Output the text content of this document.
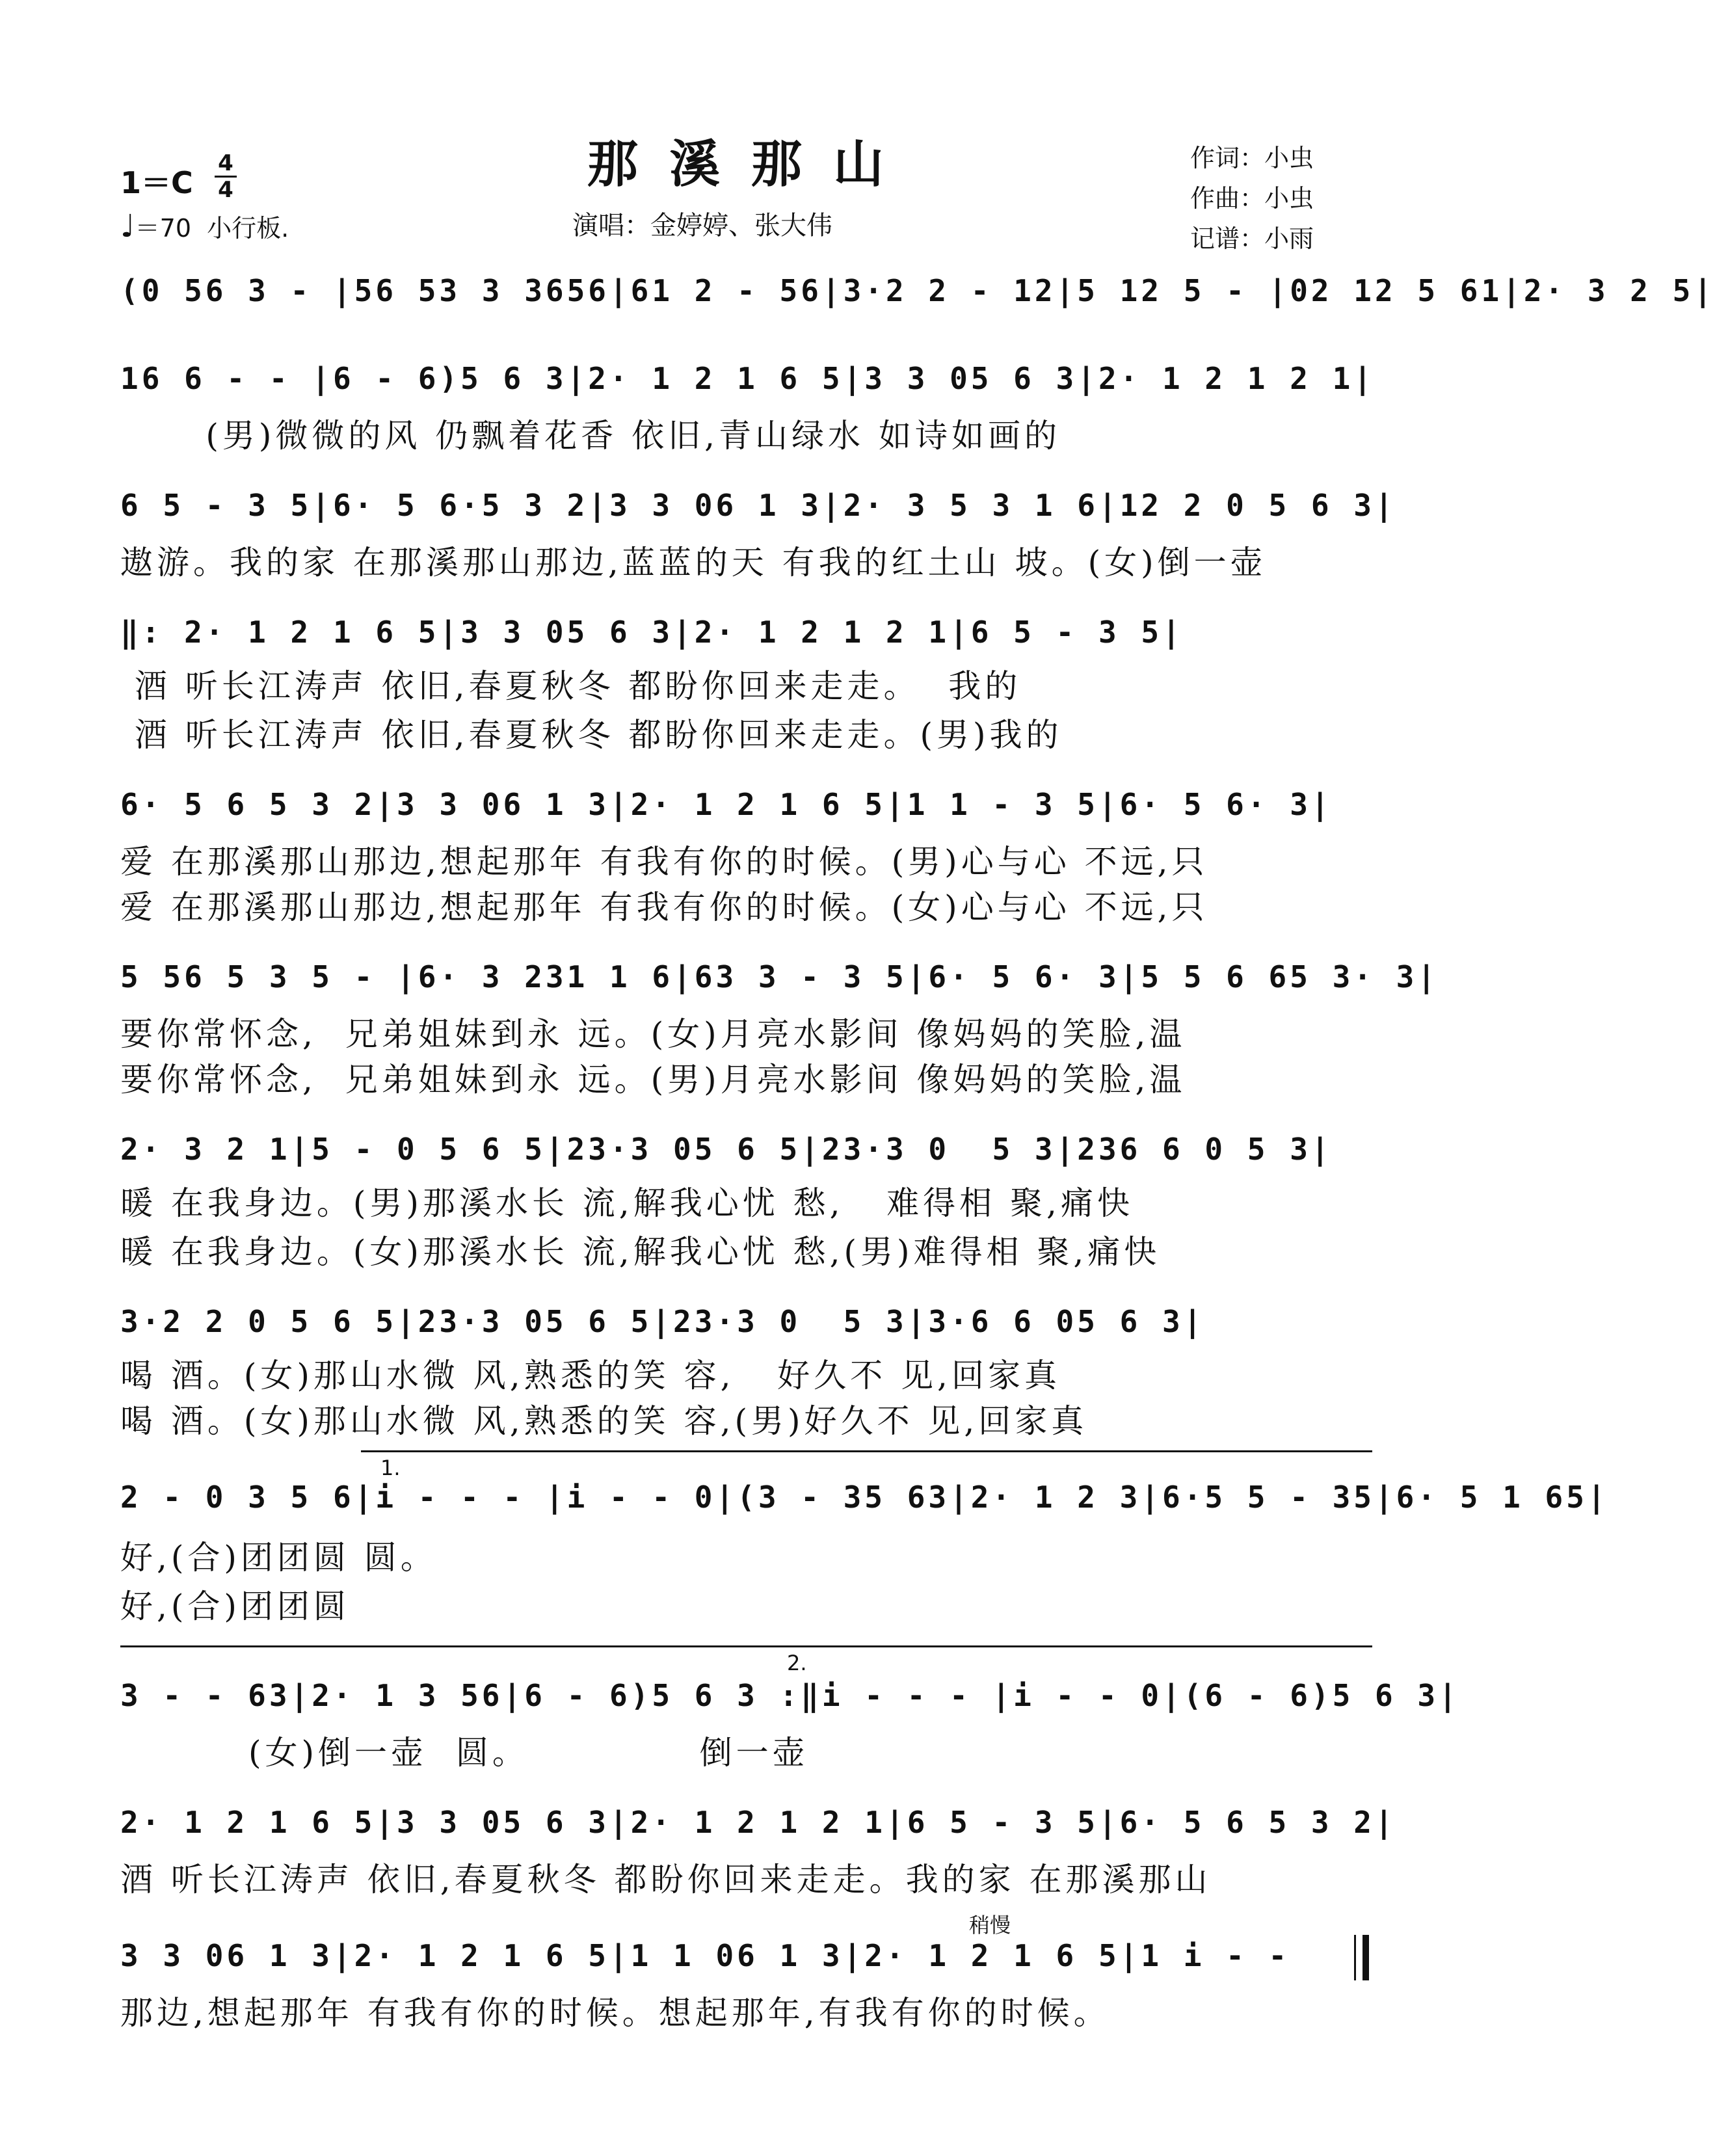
1＝C
4
4
♩＝70 小行板.
那溪那山
演唱：金婷婷、张大伟
作词：小虫
作曲：小虫
记谱：小雨
(0 56 3 - |56 53 3 3656|61 2 - 56|3·2 2 - 12|5 12 5 - |02 12 5 61|2· 3 2 5|
16 6 - - |6 - 6)5 6 3|2· 1 2 1 6 5|3 3 05 6 3|2· 1 2 1 2 1|
(男)微微的风 仍飘着花香 依旧,青山绿水 如诗如画的
6 5 - 3 5|6· 5 6·5 3 2|3 3 06 1 3|2· 3 5 3 1 6|12 2 0 5 6 3|
遨游。我的家 在那溪那山那边,蓝蓝的天 有我的红土山 坡。(女)倒一壶
‖: 2· 1 2 1 6 5|3 3 05 6 3|2· 1 2 1 2 1|6 5 - 3 5|
酒 听长江涛声 依旧,春夏秋冬 都盼你回来走走。  我的
酒 听长江涛声 依旧,春夏秋冬 都盼你回来走走。(男)我的
6· 5 6 5 3 2|3 3 06 1 3|2· 1 2 1 6 5|1 1 - 3 5|6· 5 6· 3|
爱 在那溪那山那边,想起那年 有我有你的时候。(男)心与心 不远,只
爱 在那溪那山那边,想起那年 有我有你的时候。(女)心与心 不远,只
5 56 5 3 5 - |6· 3 231 1 6|63 3 - 3 5|6· 5 6· 3|5 5 6 65 3· 3|
要你常怀念,  兄弟姐妹到永 远。(女)月亮水影间 像妈妈的笑脸,温
要你常怀念,  兄弟姐妹到永 远。(男)月亮水影间 像妈妈的笑脸,温
2· 3 2 1|5 - 0 5 6 5|23·3 05 6 5|23·3 0  5 3|236 6 0 5 3|
暖 在我身边。(男)那溪水长 流,解我心忧 愁,   难得相 聚,痛快
暖 在我身边。(女)那溪水长 流,解我心忧 愁,(男)难得相 聚,痛快
3·2 2 0 5 6 5|23·3 05 6 5|23·3 0  5 3|3·6 6 05 6 3|
喝 酒。(女)那山水微 风,熟悉的笑 容,   好久不 见,回家真
喝 酒。(女)那山水微 风,熟悉的笑 容,(男)好久不 见,回家真
1.
2 - 0 3 5 6|i - - - |i - - 0|(3 - 35 63|2· 1 2 3|6·5 5 - 35|6· 5 1 65|
好,(合)团团圆 圆。
好,(合)团团圆
2.
3 - - 63|2· 1 3 56|6 - 6)5 6 3 :‖i - - - |i - - 0|(6 - 6)5 6 3|
(女)倒一壶  圆。            倒一壶
2· 1 2 1 6 5|3 3 05 6 3|2· 1 2 1 2 1|6 5 - 3 5|6· 5 6 5 3 2|
酒 听长江涛声 依旧,春夏秋冬 都盼你回来走走。我的家 在那溪那山
稍慢
3 3 06 1 3|2· 1 2 1 6 5|1 1 06 1 3|2· 1 2 1 6 5|1 i - -
那边,想起那年 有我有你的时候。想起那年,有我有你的时候。
